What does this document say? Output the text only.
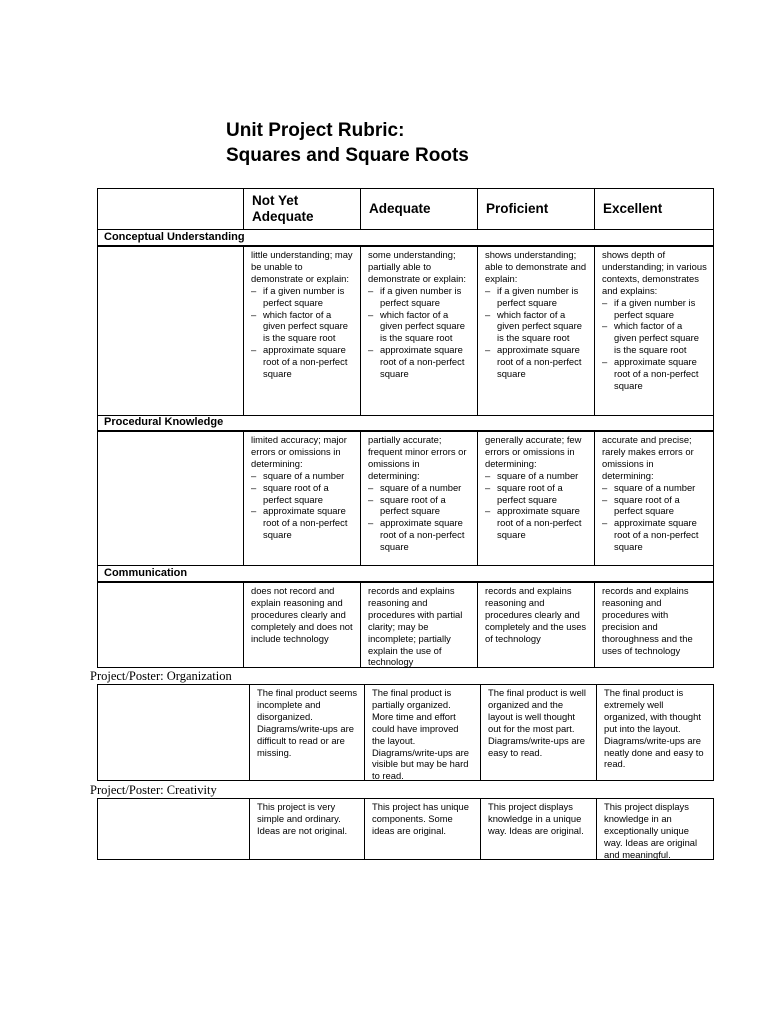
Unit Project Rubric:
Squares and Square Roots
Not Yet Adequate
Adequate	Proficient	Excellent
Conceptual Understanding

little understanding; may be unable to demonstrate or explain:

– if a given number is perfect square
– which factor of a given perfect square is the square root
– approximate square root of a non-perfect square

some understanding; partially able to demonstrate or explain:

– if a given number is perfect square
– which factor of a given perfect square is the square root
– approximate square root of a non-perfect square

shows understanding; able to demonstrate and explain:

– if a given number is perfect square
– which factor of a given perfect square is the square root
– approximate square root of a non-perfect square

shows depth of understanding; in various contexts, demonstrates and explains:

– if a given number is perfect square
– which factor of a given perfect square is the square root
– approximate square root of a non-perfect square
Procedural Knowledge

limited accuracy; major errors or omissions in determining:

– square of a number
– square root of a perfect square
– approximate square root of a non-perfect square

partially accurate; frequent minor errors or omissions in determining:

– square of a number
– square root of a perfect square
– approximate square root of a non-perfect square

generally accurate; few errors or omissions in determining:

– square of a number
– square root of a perfect square
– approximate square root of a non-perfect square

accurate and precise; rarely makes errors or omissions in determining:

– square of a number
– square root of a perfect square
– approximate square root of a non-perfect square
Communication

does not record and explain reasoning and procedures clearly and completely and does not include technology

records and explains reasoning and procedures with partial clarity; may be incomplete; partially explain the use of technology

records and explains reasoning and procedures clearly and completely and the uses of technology

records and explains reasoning and procedures with precision and thoroughness and the uses of technology

Project/Poster: Organization

The final product seems incomplete and disorganized. Diagrams/write-ups are difficult to read or are missing.

The final product is partially organized. More time and effort could have improved the layout. Diagrams/write-ups are visible but may be hard to read.

The final product is well organized and the layout is well thought out for the most part. Diagrams/write-ups are easy to read.

The final product is extremely well organized, with thought put into the layout. Diagrams/write-ups are neatly done and easy to read.

Project/Poster: Creativity

This project is very simple and ordinary. Ideas are not original.

This project has unique components. Some ideas are original.

This project displays knowledge in a unique way. Ideas are original.

This project displays knowledge in an exceptionally unique way. Ideas are original and meaningful.
